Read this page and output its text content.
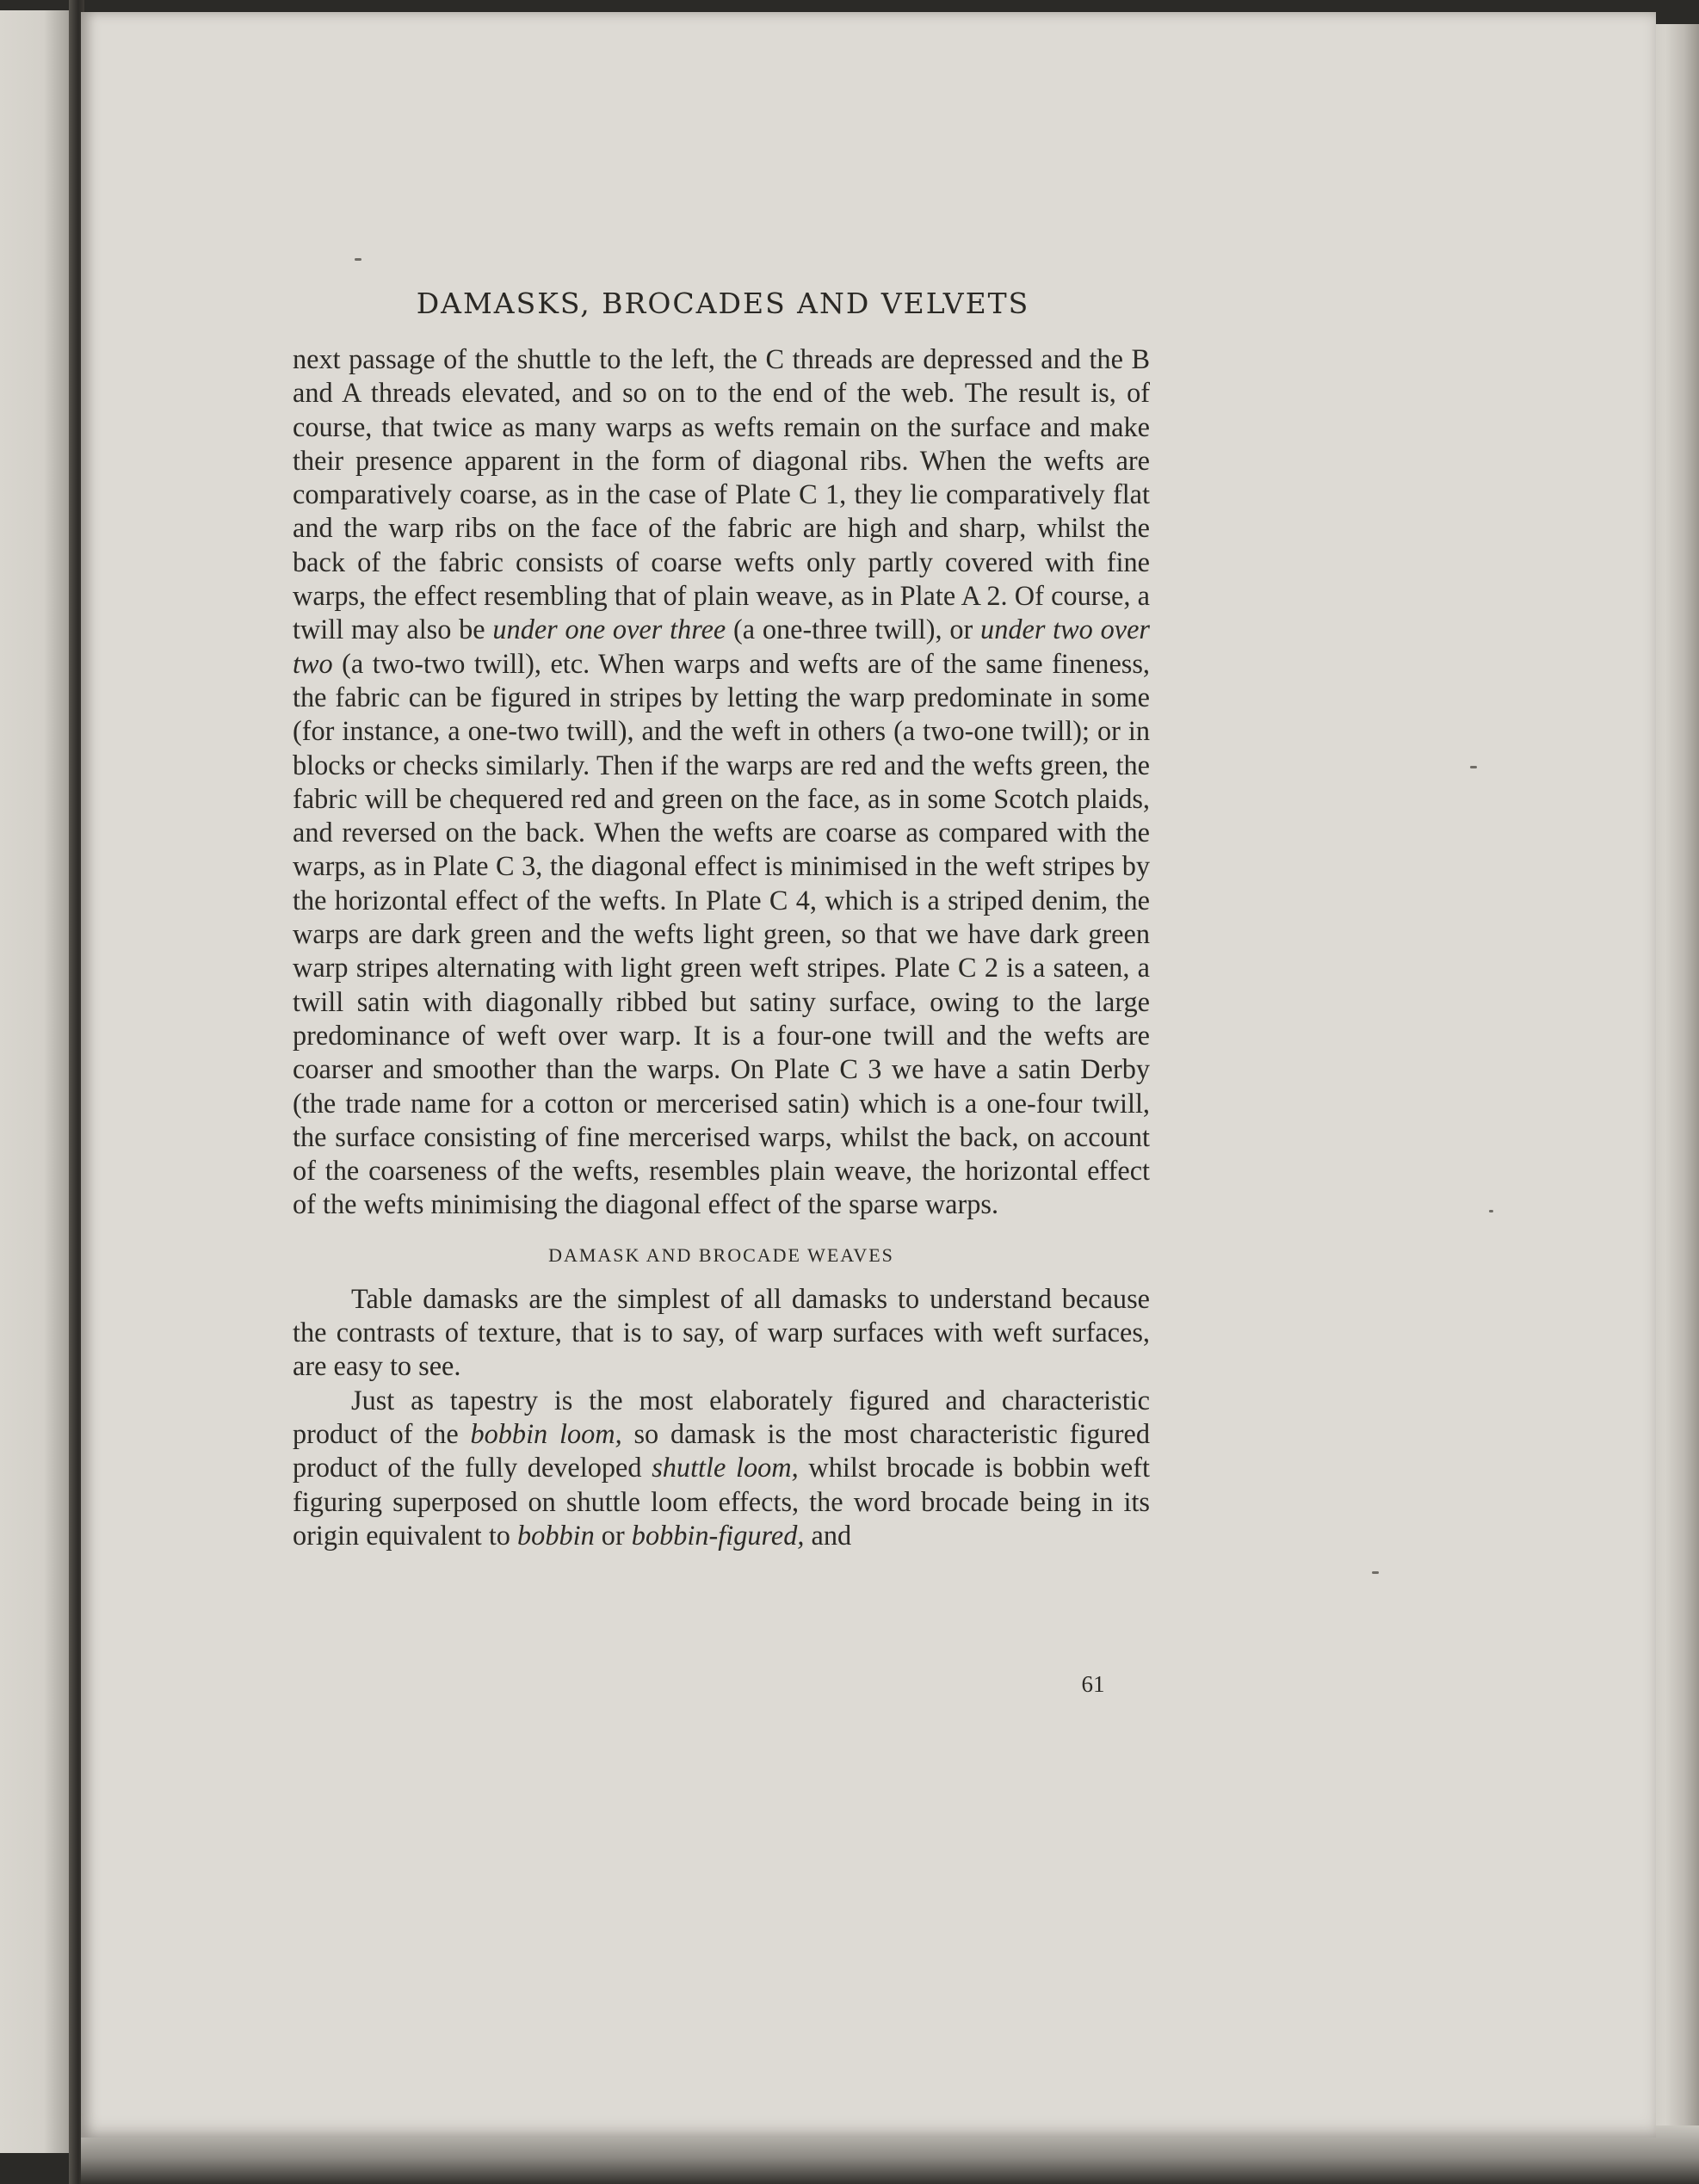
DAMASKS, BROCADES AND VELVETS

next passage of the shuttle to the left, the C threads are depressed and the B and A threads elevated, and so on to the end of the web. The result is, of course, that twice as many warps as wefts remain on the surface and make their presence apparent in the form of diagonal ribs. When the wefts are comparatively coarse, as in the case of Plate C 1, they lie comparatively flat and the warp ribs on the face of the fabric are high and sharp, whilst the back of the fabric consists of coarse wefts only partly covered with fine warps, the effect resembling that of plain weave, as in Plate A 2. Of course, a twill may also be under one over three (a one-three twill), or under two over two (a two-two twill), etc. When warps and wefts are of the same fineness, the fabric can be figured in stripes by letting the warp predominate in some (for instance, a one-two twill), and the weft in others (a two-one twill); or in blocks or checks similarly. Then if the warps are red and the wefts green, the fabric will be chequered red and green on the face, as in some Scotch plaids, and reversed on the back. When the wefts are coarse as compared with the warps, as in Plate C 3, the diagonal effect is minimised in the weft stripes by the horizontal effect of the wefts. In Plate C 4, which is a striped denim, the warps are dark green and the wefts light green, so that we have dark green warp stripes alternating with light green weft stripes. Plate C 2 is a sateen, a twill satin with diagonally ribbed but satiny surface, owing to the large predominance of weft over warp. It is a four-one twill and the wefts are coarser and smoother than the warps. On Plate C 3 we have a satin Derby (the trade name for a cotton or mercerised satin) which is a one-four twill, the surface consisting of fine mercerised warps, whilst the back, on account of the coarseness of the wefts, resembles plain weave, the horizontal effect of the wefts minimising the diagonal effect of the sparse warps.

DAMASK AND BROCADE WEAVES

Table damasks are the simplest of all damasks to understand because the contrasts of texture, that is to say, of warp surfaces with weft surfaces, are easy to see.

Just as tapestry is the most elaborately figured and characteristic product of the bobbin loom, so damask is the most characteristic figured product of the fully developed shuttle loom, whilst brocade is bobbin weft figuring superposed on shuttle loom effects, the word brocade being in its origin equivalent to bobbin or bobbin-figured, and

61
